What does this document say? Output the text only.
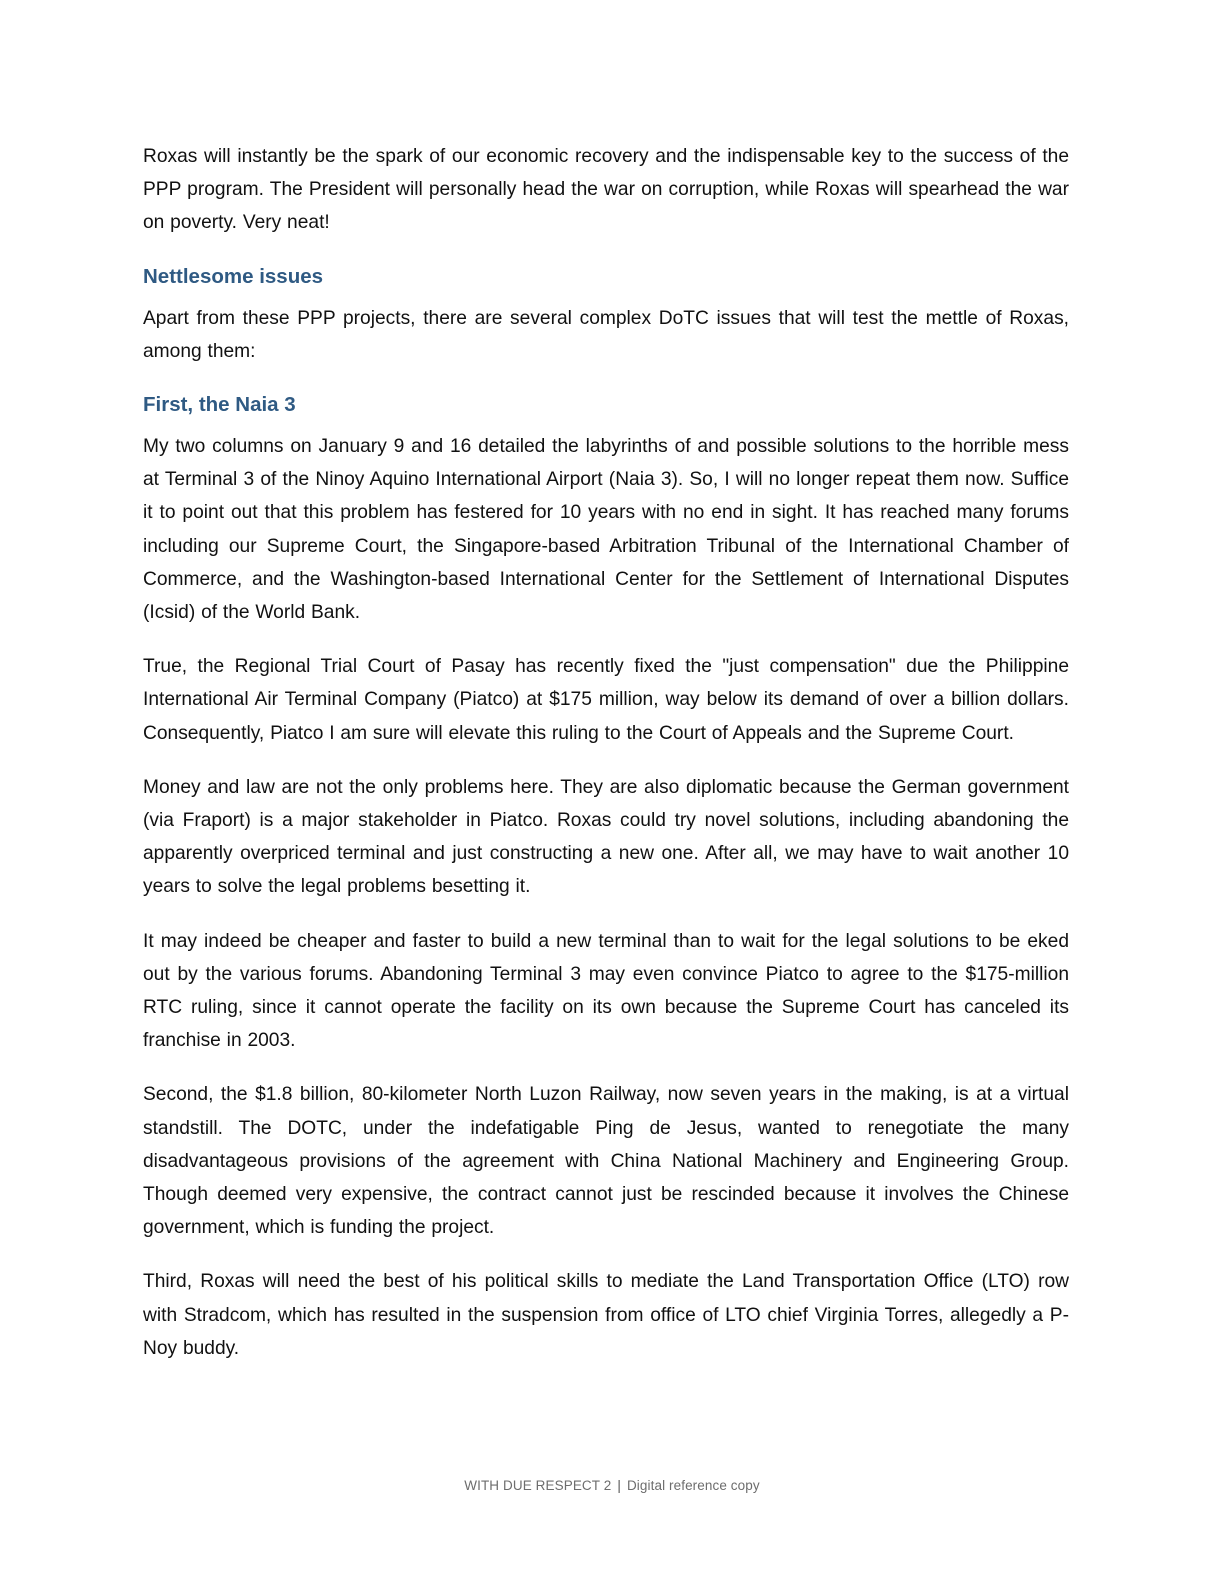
Roxas will instantly be the spark of our economic recovery and the indispensable key to the success of the PPP program. The President will personally head the war on corruption, while Roxas will spearhead the war on poverty. Very neat!

Nettlesome issues

Apart from these PPP projects, there are several complex DoTC issues that will test the mettle of Roxas, among them:

First, the Naia 3

My two columns on January 9 and 16 detailed the labyrinths of and possible solutions to the horrible mess at Terminal 3 of the Ninoy Aquino International Airport (Naia 3). So, I will no longer repeat them now. Suffice it to point out that this problem has festered for 10 years with no end in sight. It has reached many forums including our Supreme Court, the Singapore-based Arbitration Tribunal of the International Chamber of Commerce, and the Washington-based International Center for the Settlement of International Disputes (Icsid) of the World Bank.

True, the Regional Trial Court of Pasay has recently fixed the "just compensation" due the Philippine International Air Terminal Company (Piatco) at $175 million, way below its demand of over a billion dollars. Consequently, Piatco I am sure will elevate this ruling to the Court of Appeals and the Supreme Court.

Money and law are not the only problems here. They are also diplomatic because the German government (via Fraport) is a major stakeholder in Piatco. Roxas could try novel solutions, including abandoning the apparently overpriced terminal and just constructing a new one. After all, we may have to wait another 10 years to solve the legal problems besetting it.

It may indeed be cheaper and faster to build a new terminal than to wait for the legal solutions to be eked out by the various forums. Abandoning Terminal 3 may even convince Piatco to agree to the $175-million RTC ruling, since it cannot operate the facility on its own because the Supreme Court has canceled its franchise in 2003.

Second, the $1.8 billion, 80-kilometer North Luzon Railway, now seven years in the making, is at a virtual standstill. The DOTC, under the indefatigable Ping de Jesus, wanted to renegotiate the many disadvantageous provisions of the agreement with China National Machinery and Engineering Group. Though deemed very expensive, the contract cannot just be rescinded because it involves the Chinese government, which is funding the project.

Third, Roxas will need the best of his political skills to mediate the Land Transportation Office (LTO) row with Stradcom, which has resulted in the suspension from office of LTO chief Virginia Torres, allegedly a P-Noy buddy.

WITH DUE RESPECT 2 | Digital reference copy
